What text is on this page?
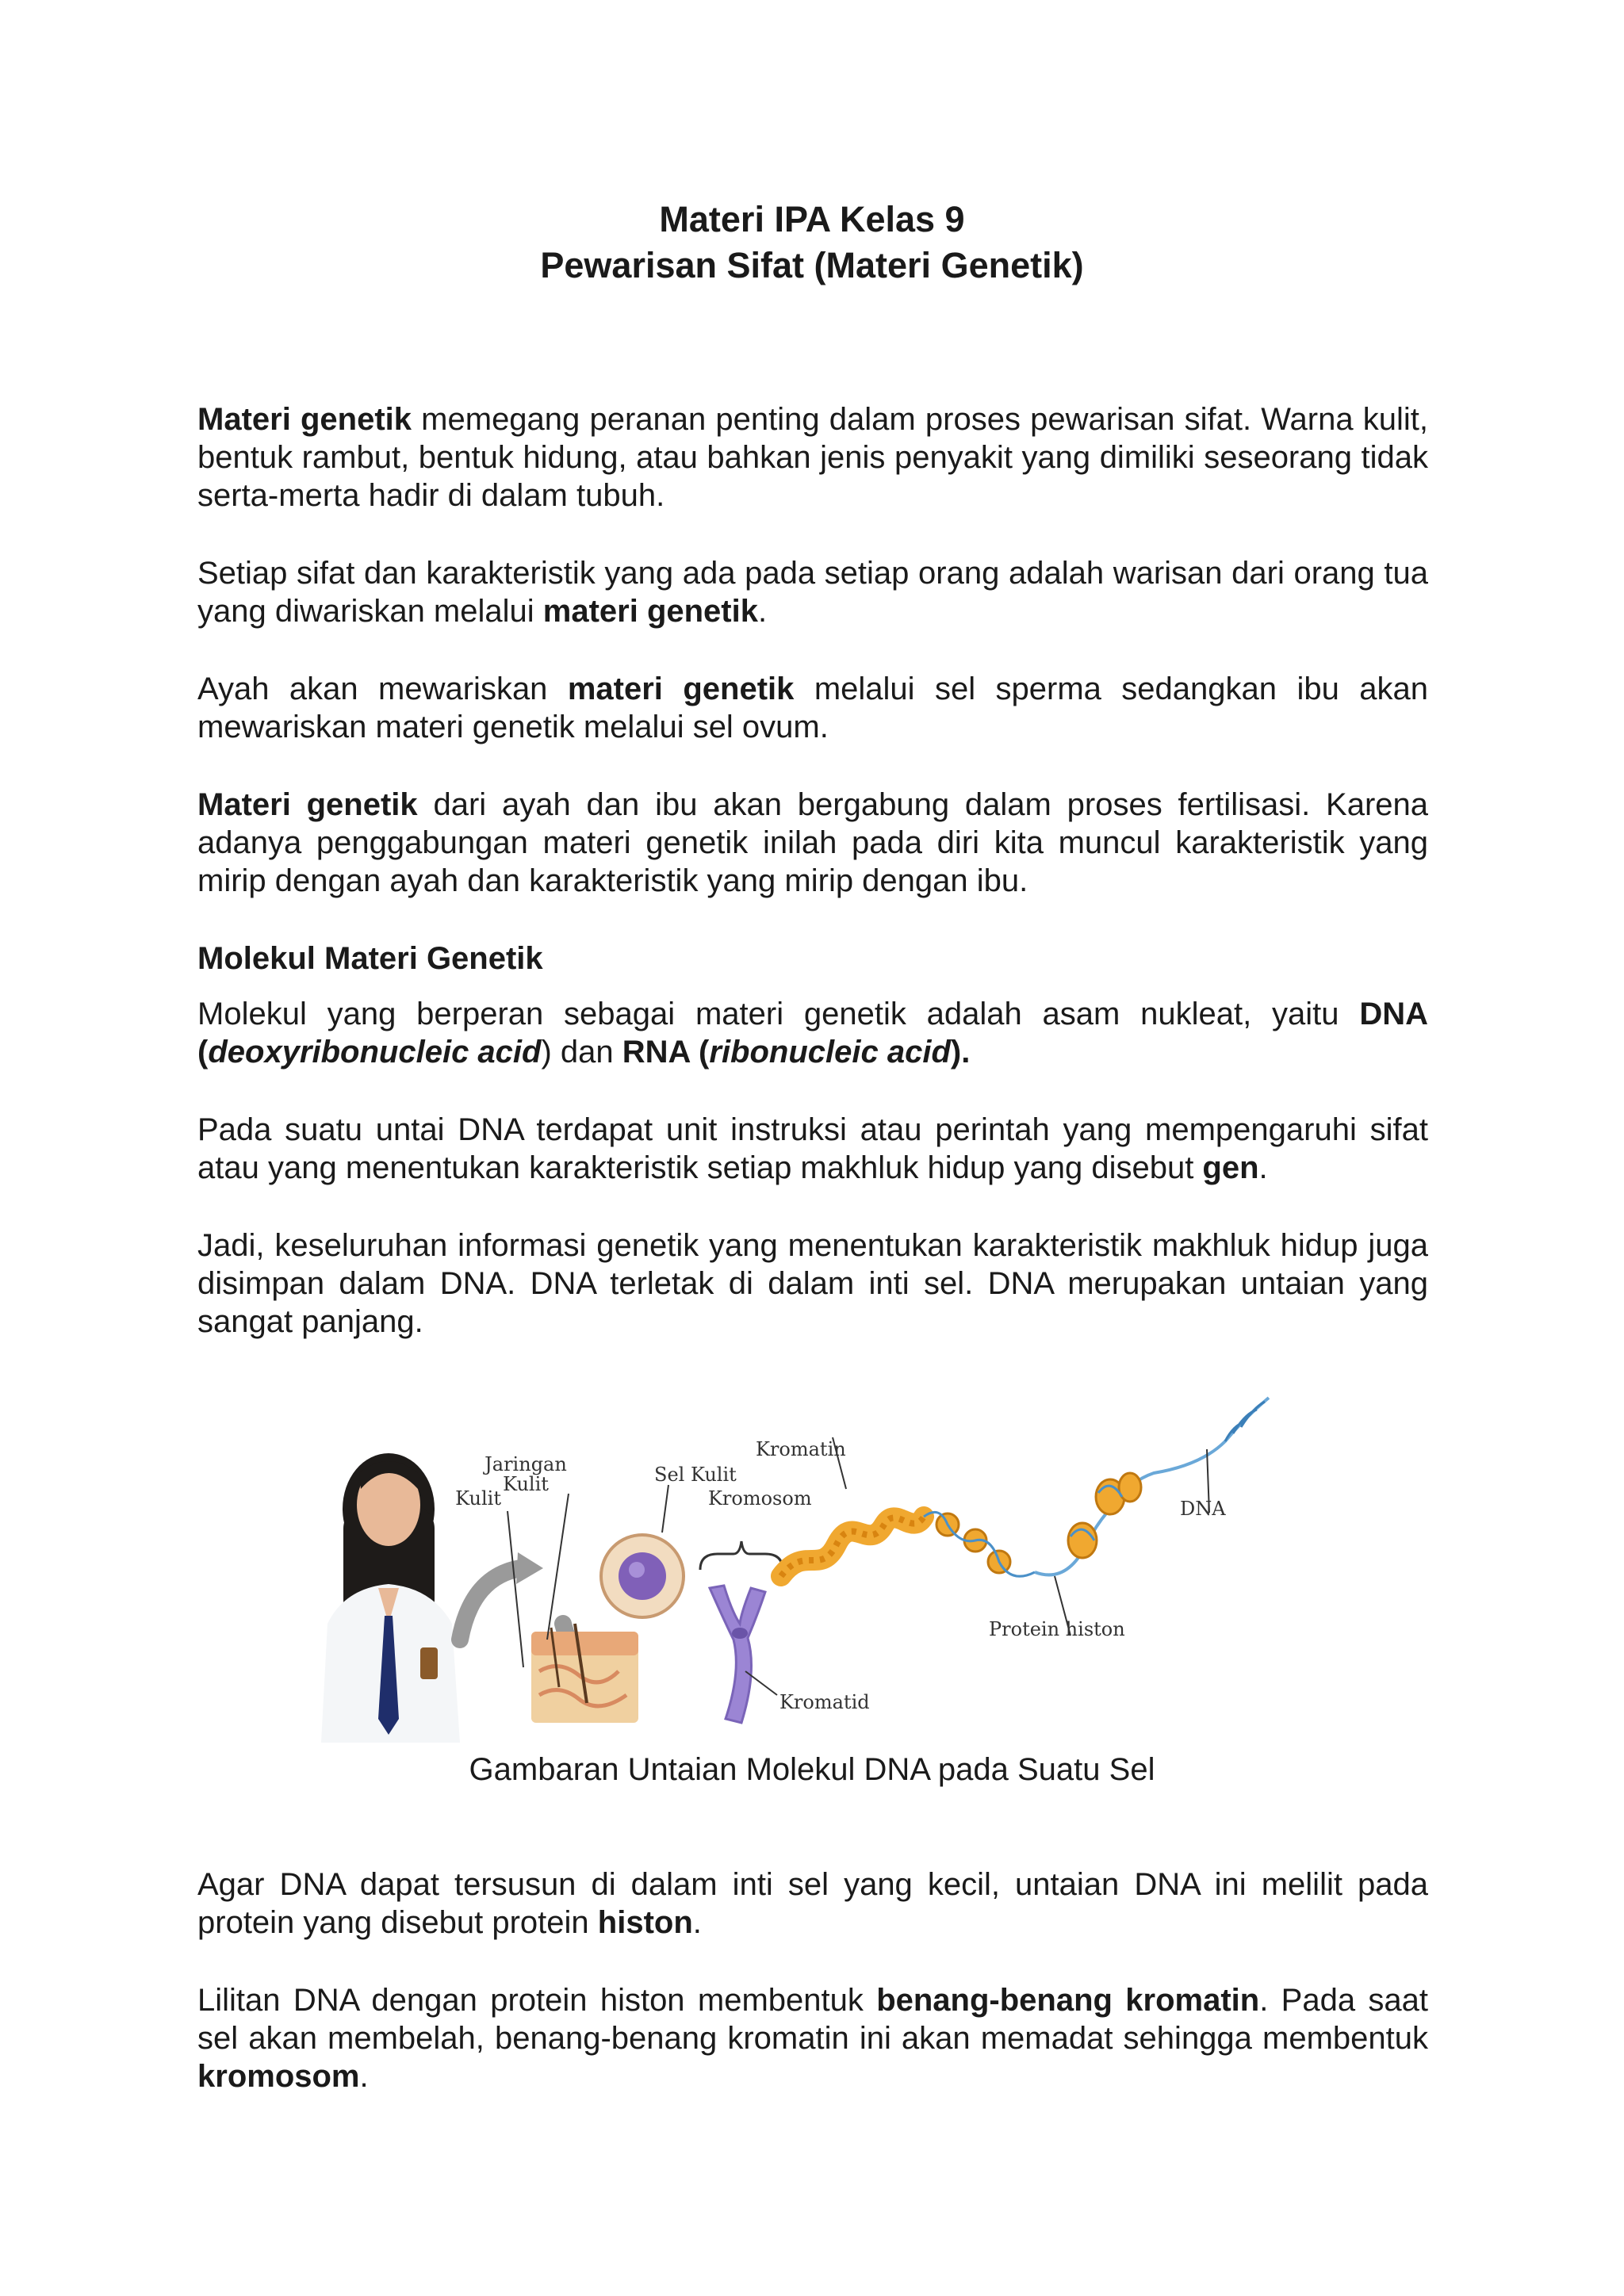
Materi IPA Kelas 9
Pewarisan Sifat (Materi Genetik)

Materi genetik memegang peranan penting dalam proses pewarisan sifat. Warna kulit, bentuk rambut, bentuk hidung, atau bahkan jenis penyakit yang dimiliki seseorang tidak serta-merta hadir di dalam tubuh.

Setiap sifat dan karakteristik yang ada pada setiap orang adalah warisan dari orang tua yang diwariskan melalui materi genetik.

Ayah akan mewariskan materi genetik melalui sel sperma sedangkan ibu akan mewariskan materi genetik melalui sel ovum.

Materi genetik dari ayah dan ibu akan bergabung dalam proses fertilisasi. Karena adanya penggabungan materi genetik inilah pada diri kita muncul karakteristik yang mirip dengan ayah dan karakteristik yang mirip dengan ibu.

Molekul Materi Genetik

Molekul yang berperan sebagai materi genetik adalah asam nukleat, yaitu DNA (deoxyribonucleic acid) dan RNA (ribonucleic acid).

Pada suatu untai DNA terdapat unit instruksi atau perintah yang mempengaruhi sifat atau yang menentukan karakteristik setiap makhluk hidup yang disebut gen.

Jadi, keseluruhan informasi genetik yang menentukan karakteristik makhluk hidup juga disimpan dalam DNA. DNA terletak di dalam inti sel. DNA merupakan untaian yang sangat panjang.

Jaringan
Kulit
Kulit
Sel Kulit
Kromatin
Kromosom	DNA
Protein histon
Kromatid
Gambaran Untaian Molekul DNA pada Suatu Sel

Agar DNA dapat tersusun di dalam inti sel yang kecil, untaian DNA ini melilit pada protein yang disebut protein histon.

Lilitan DNA dengan protein histon membentuk benang-benang kromatin. Pada saat sel akan membelah, benang-benang kromatin ini akan memadat sehingga membentuk kromosom.
